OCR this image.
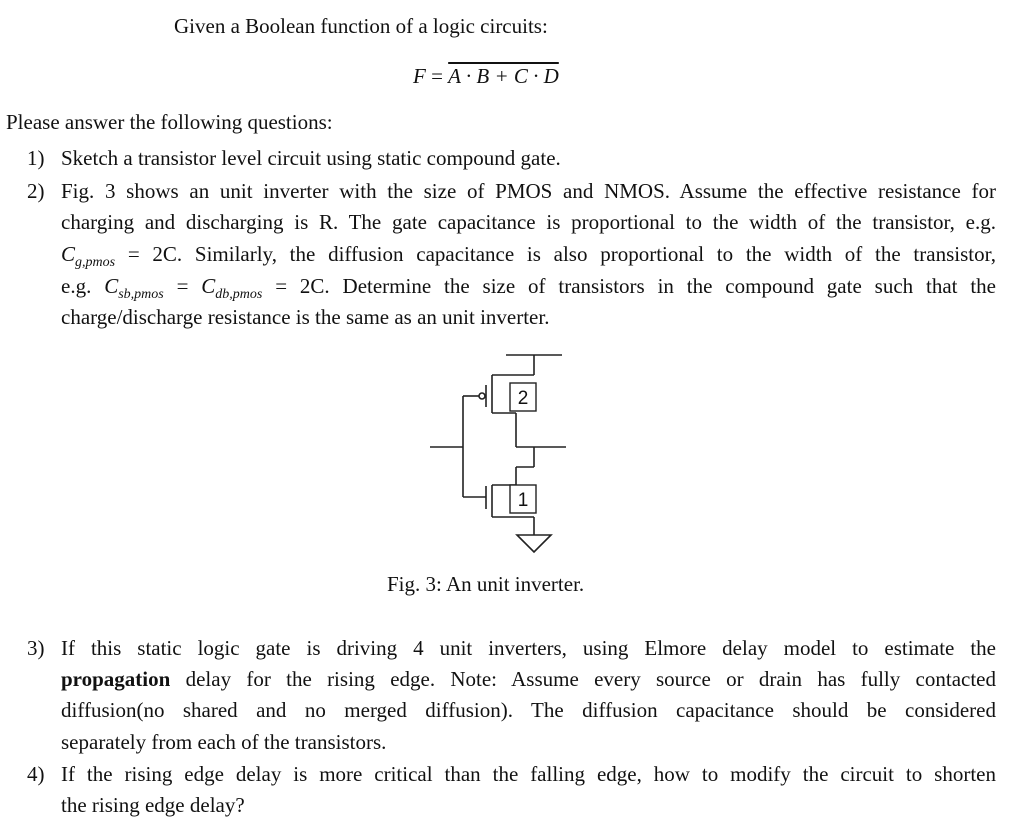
Given a Boolean function of a logic circuits:
F = A · B + C · D
Please answer the following questions:
1) Sketch a transistor level circuit using static compound gate.
2) Fig. 3 shows an unit inverter with the size of PMOS and NMOS. Assume the effective resistance for
charging and discharging is R. The gate capacitance is proportional to the width of the transistor, e.g.
$C_{g,pmos} = 2C$. Similarly, the diffusion capacitance is also proportional to the width of the transistor,
e.g. $C_{sb,pmos} = C_{db,pmos} = 2C$. Determine the size of transistors in the compound gate such that the
charge/discharge resistance is the same as an unit inverter.
2
1
Fig. 3: An unit inverter.
3) If this static logic gate is driving 4 unit inverters, using Elmore delay model to estimate the
propagation delay for the rising edge. Note: Assume every source or drain has fully contacted
diffusion(no shared and no merged diffusion). The diffusion capacitance should be considered
separately from each of the transistors.
4) If the rising edge delay is more critical than the falling edge, how to modify the circuit to shorten
the rising edge delay?
